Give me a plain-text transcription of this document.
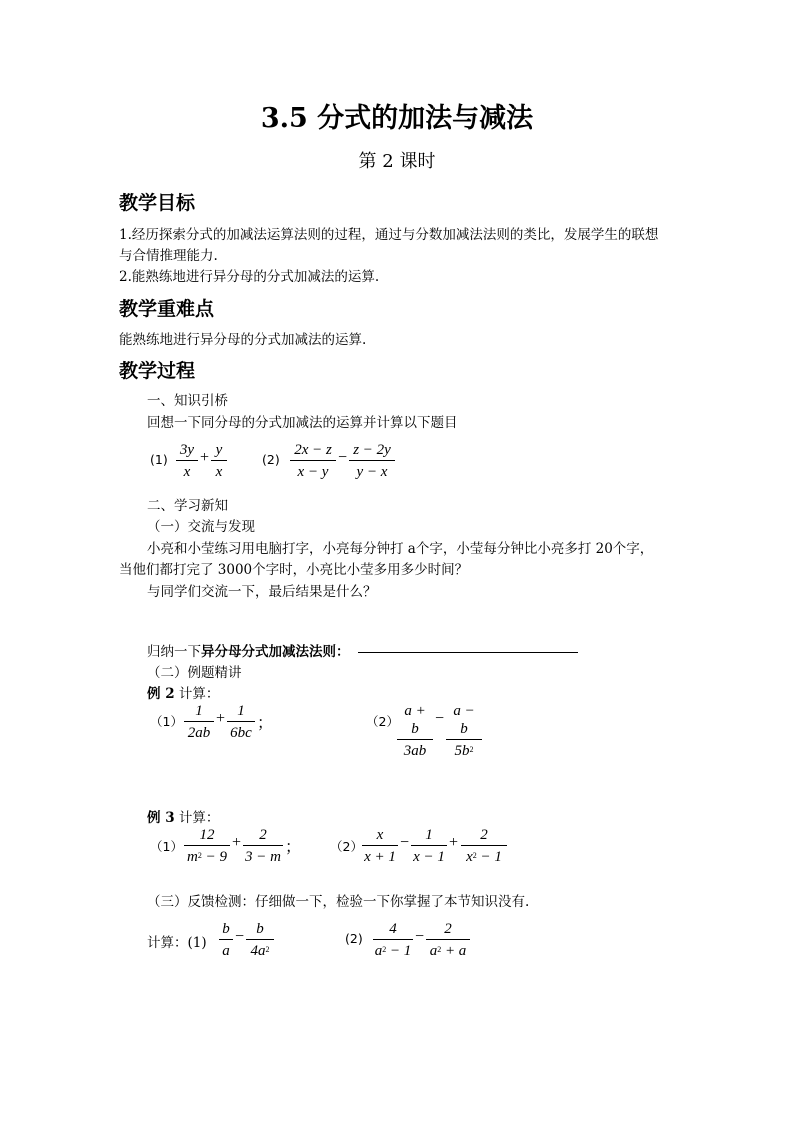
3.5 分式的加法与减法
第 2 课时
教学目标
1.经历探索分式的加减法运算法则的过程，通过与分数加减法法则的类比，发展学生的联想
与合情推理能力.
2.能熟练地进行异分母的分式加减法的运算.
教学重难点
能熟练地进行异分母的分式加减法的运算.
教学过程
一、知识引桥
回想一下同分母的分式加减法的运算并计算以下题目
$(1) \frac{3y}{x} + \frac{y}{x}$	$(2) \frac{2x - z}{x - y} - \frac{z - 2y}{y - x}$
二、学习新知
（一）交流与发现
小亮和小莹练习用电脑打字，小亮每分钟打 a个字，小莹每分钟比小亮多打 20个字，
当他们都打完了 3000个字时，小亮比小莹多用多少时间？
与同学们交流一下，最后结果是什么？
归纳一下异分母分式加减法法则：
（二）例题精讲
例 2 计算：
$(1) \frac{1}{2ab} + \frac{1}{6bc}$ ；	（2）
$\frac{a + b}{3ab} - \frac{a - b}{5b^2}$
例 3 计算：
$(1) \frac{12}{m^2 - 9} + \frac{2}{3 - m}$ ； $(2) \frac{x}{x + 1} - \frac{1}{x - 1} + \frac{2}{x^2 - 1}$
（三）反馈检测：仔细做一下，检验一下你掌握了本节知识没有.
计算：$(1) \frac{b}{a} - \frac{b}{4a^2}$	$(2) \frac{4}{a^2 - 1} - \frac{2}{a^2 + a}$
